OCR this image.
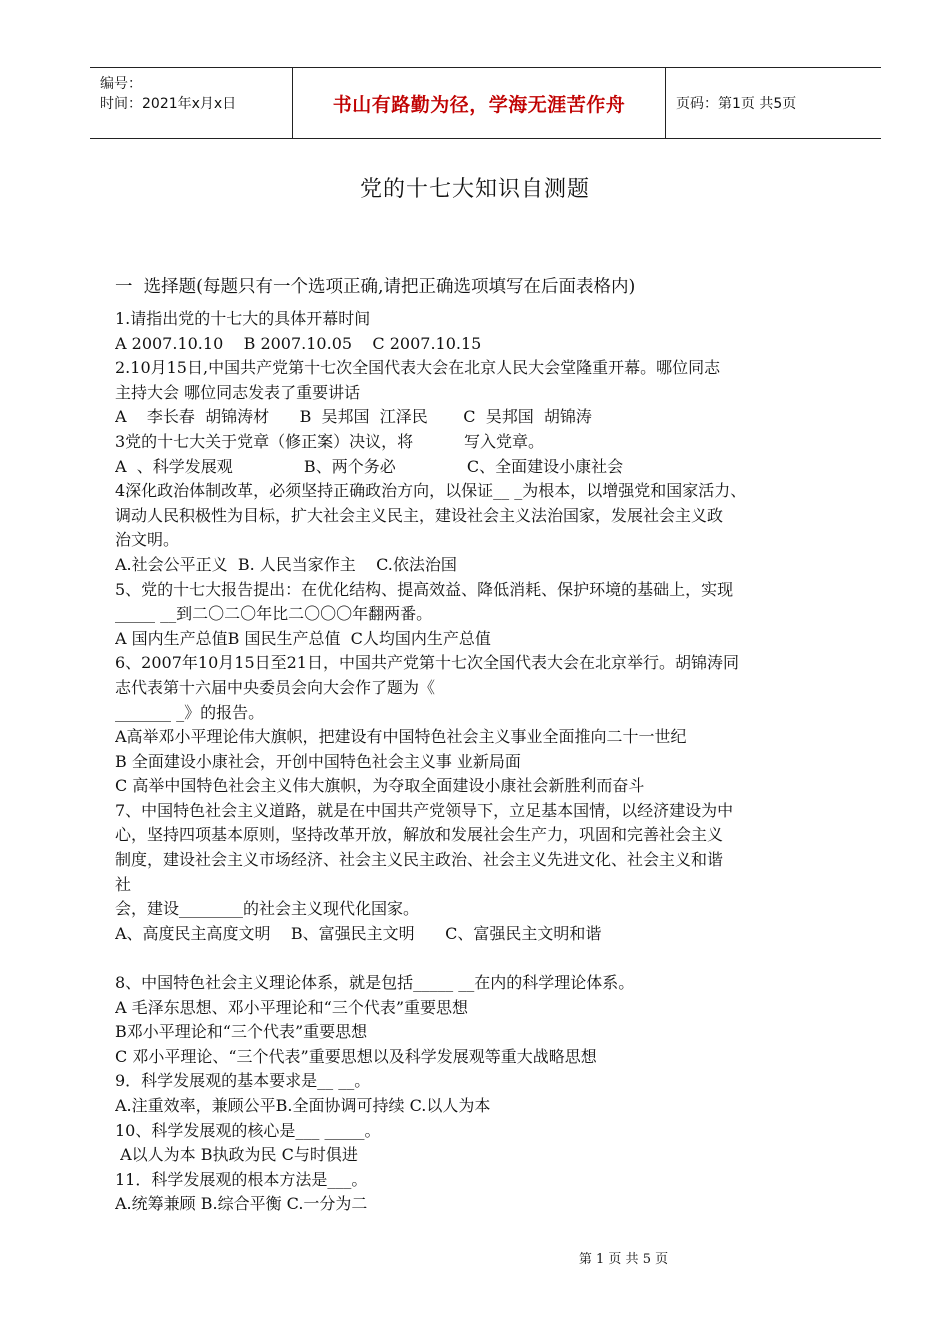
编号：
时间：2021年x月x日	书山有路勤为径，学海无涯苦作舟	页码：第1页 共5页
党的十七大知识自测题
一  选择题(每题只有一个选项正确,请把正确选项填写在后面表格内)
1.请指出党的十七大的具体开幕时间
A 2007.10.10    B 2007.10.05    C 2007.10.15
2.10月15日,中国共产党第十七次全国代表大会在北京人民大会堂隆重开幕。哪位同志
主持大会 哪位同志发表了重要讲话
A    李长春  胡锦涛材      B  吴邦国  江泽民       C  吴邦国  胡锦涛
3党的十七大关于党章（修正案）决议，将          写入党章。
A  、科学发展观              B、两个务必              C、全面建设小康社会
4深化政治体制改革，必须坚持正确政治方向，以保证__ _为根本，以增强党和国家活力、
调动人民积极性为目标，扩大社会主义民主，建设社会主义法治国家，发展社会主义政
治文明。
A.社会公平正义  B. 人民当家作主    C.依法治国
5、党的十七大报告提出：在优化结构、提高效益、降低消耗、保护环境的基础上，实现
_____ __到二〇二〇年比二〇〇〇年翻两番。
A 国内生产总值B 国民生产总值  C人均国内生产总值
6、2007年10月15日至21日，中国共产党第十七次全国代表大会在北京举行。胡锦涛同
志代表第十六届中央委员会向大会作了题为《
_______ _》的报告。
A高举邓小平理论伟大旗帜，把建设有中国特色社会主义事业全面推向二十一世纪
B 全面建设小康社会，开创中国特色社会主义事 业新局面
C 高举中国特色社会主义伟大旗帜，为夺取全面建设小康社会新胜利而奋斗
7、中国特色社会主义道路，就是在中国共产党领导下，立足基本国情，以经济建设为中
心，坚持四项基本原则，坚持改革开放，解放和发展社会生产力，巩固和完善社会主义
制度，建设社会主义市场经济、社会主义民主政治、社会主义先进文化、社会主义和谐
社
会，建设________的社会主义现代化国家。
A、高度民主高度文明    B、富强民主文明      C、富强民主文明和谐
8、中国特色社会主义理论体系，就是包括_____ __在内的科学理论体系。
A 毛泽东思想、邓小平理论和“三个代表”重要思想
B邓小平理论和“三个代表”重要思想
C 邓小平理论、“三个代表”重要思想以及科学发展观等重大战略思想
9．科学发展观的基本要求是__ __。
A.注重效率，兼顾公平B.全面协调可持续 C.以人为本
10、科学发展观的核心是___ _____。
A以人为本 B执政为民 C与时俱进
11．科学发展观的根本方法是___。
A.统筹兼顾 B.综合平衡 C.一分为二
第 1 页 共 5 页
